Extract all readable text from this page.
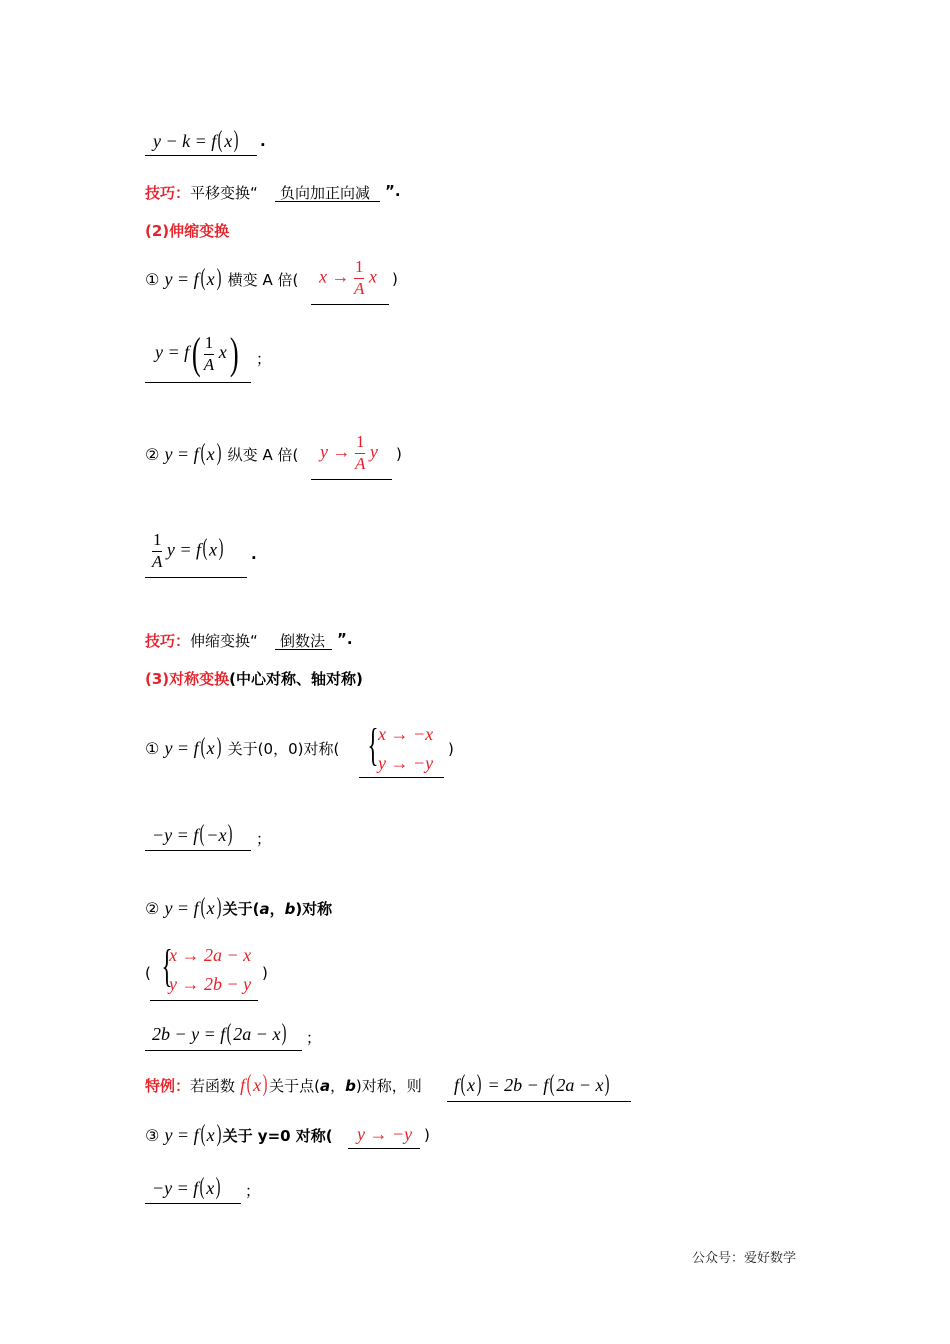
y − k = f(x) .
技巧：平移变换“ 负向加正向减 ”.
(2)伸缩变换
① y = f(x) 横变 A 倍( $x \to \frac{1}{A}$ x )
$y = f( \frac{1}{A} x)$ ；
② y = f(x) 纵变 A 倍( $y \to \frac{1}{A}$ y )
$\frac{1}{A}$ y = f(x) .
技巧：伸缩变换“ 倒数法 ”.
(3)对称变换(中心对称、轴对称)
① y = f(x) 关于(0，0)对称( { x → −x
y → −y
)
−y = f(−x) ；
② y = f(x) 关于(a，b)对称
( {
x → 2a − x
y → 2b − y
)
2b − y = f(2a − x) ；
特例：若函数 f(x) 关于点(a，b)对称，则 f(x) = 2b − f(2a − x)
③ y = f(x) 关于 y=0 对称( y → −y )
−y = f(x) ；
公众号：爱好数学
